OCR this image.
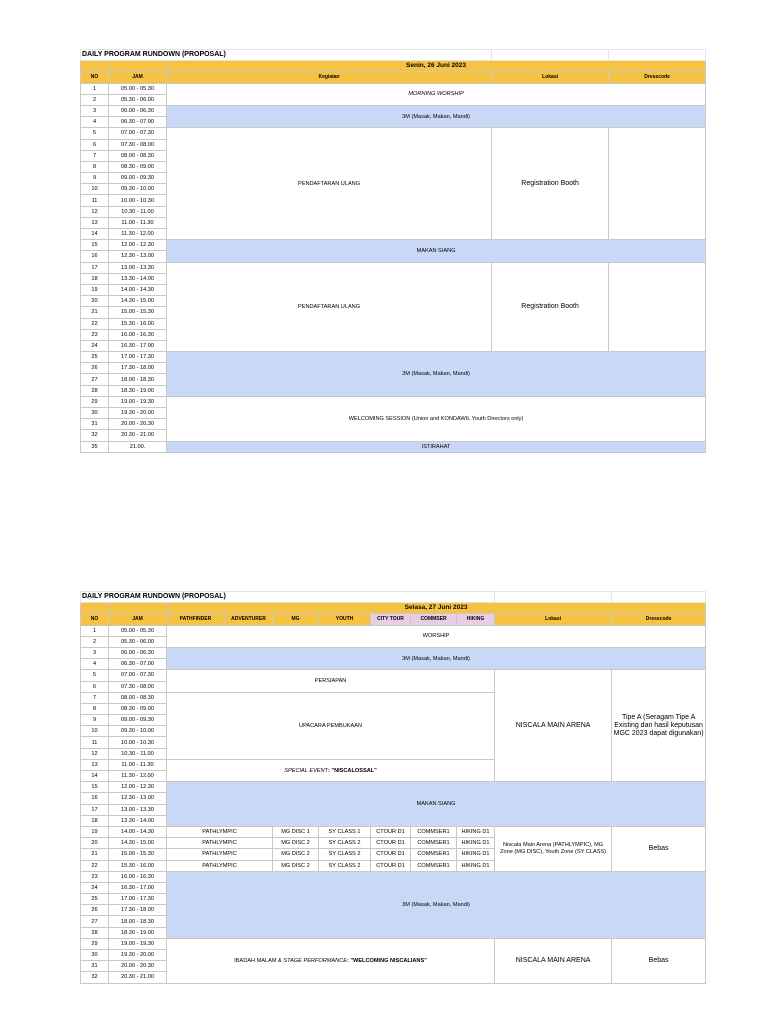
DAILY PROGRAM RUNDOWN (PROPOSAL)				
		Senin, 26 Juni 2023		
NO	JAM	Kegiatan	Lokasi	Dresscode
1	05.00 - 05.30	MORNING WORSHIP		
2	05.30 - 06.00			
3	06.00 - 06.30	3M (Masak, Makan, Mandi)		
4	06.30 - 07.00			
5	07.00 - 07.30	PENDAFTARAN ULANG	Registration Booth	
6	07.30 - 08.00			
7	08.00 - 08.30			
8	08.30 - 09.00			
9	09.00 - 09.30			
10	09.30 - 10.00			
11	10.00 - 10.30			
12	10.30 - 11.00			
13	11.00 - 11.30			
14	11.30 - 12.00			
15	12.00 - 12.30	MAKAN SIANG		
16	12.30 - 13.00			
17	13.00 - 13.30	PENDAFTARAN ULANG	Registration Booth	
18	13.30 - 14.00			
19	14.00 - 14.30			
20	14.30 - 15.00			
21	15.00 - 15.30			
22	15.30 - 16.00			
23	16.00 - 16.30			
24	16.30 - 17.00			
25	17.00 - 17.30	3M (Masak, Makan, Mandi)		
26	17.30 - 18.00			
27	18.00 - 18.30			
28	18.30 - 19.00			
29	19.00 - 19.30	WELCOMING SESSION (Union and KONDAWIL Youth Directors only)		
30	19.30 - 20.00			
31	20.00 - 20.30			
32	20.30 - 21.00			
35	21.00.	ISTIRAHAT		
DAILY PROGRAM RUNDOWN (PROPOSAL)										
		Selasa, 27 Juni 2023								
NO	JAM	PATHFINDER	ADVENTURER	MG	YOUTH	CITY TOUR	COMMSER	HIKING	Lokasi	Dresscode
1	05.00 - 05.30	WORSHIP								
2	05.30 - 06.00									
3	06.00 - 06.30	3M (Masak, Makan, Mandi)								
4	06.30 - 07.00									
5	07.00 - 07.30	PERSIAPAN							NISCALA MAIN ARENA	Tipe A (Seragam Tipe A Existing dan hasil keputusan MGC 2023 dapat digunakan)
6	07.30 - 08.00									
7	08.00 - 08.30	UPACARA PEMBUKAAN								
8	08.30 - 09.00									
9	09.00 - 09.30									
10	09.30 - 10.00									
11	10.00 - 10.30									
12	10.30 - 11.00									
13	11.00 - 11.30	SPECIAL EVENT: "NISCALOSSAL"								
14	11.30 - 12.00									
15	12.00 - 12.30	MAKAN SIANG								
16	12.30 - 13.00									
17	13.00 - 13.30									
18	13.30 - 14.00									
19	14.00 - 14.30	PATHLYMPIC		MG DISC 1	SY CLASS 1	CTOUR D1	COMMSER1	HIKING D1	Niscala Main Arena (PATHLYMPIC), MG Zone (MG DISC), Youth Zone (SY CLASS)	Bebas
20	14.30 - 15.00	PATHLYMPIC		MG DISC 2	SY CLASS 2	CTOUR D1	COMMSER1	HIKING D1		
21	15.00 - 15.30	PATHLYMPIC		MG DISC 2	SY CLASS 2	CTOUR D1	COMMSER1	HIKING D1		
22	15.30 - 16.00	PATHLYMPIC		MG DISC 2	SY CLASS 2	CTOUR D1	COMMSER1	HIKING D1		
23	16.00 - 16.30	3M (Masak, Makan, Mandi)								
24	16.30 - 17.00									
25	17.00 - 17.30									
26	17.30 - 18.00									
27	18.00 - 18.30									
28	18.30 - 19.00									
29	19.00 - 19.30	IBADAH MALAM & STAGE PERFORMANCE: "WELCOMING NISCALIANS"							NISCALA MAIN ARENA	Bebas
30	19.30 - 20.00									
31	20.00 - 20.30									
32	20.30 - 21.00									
